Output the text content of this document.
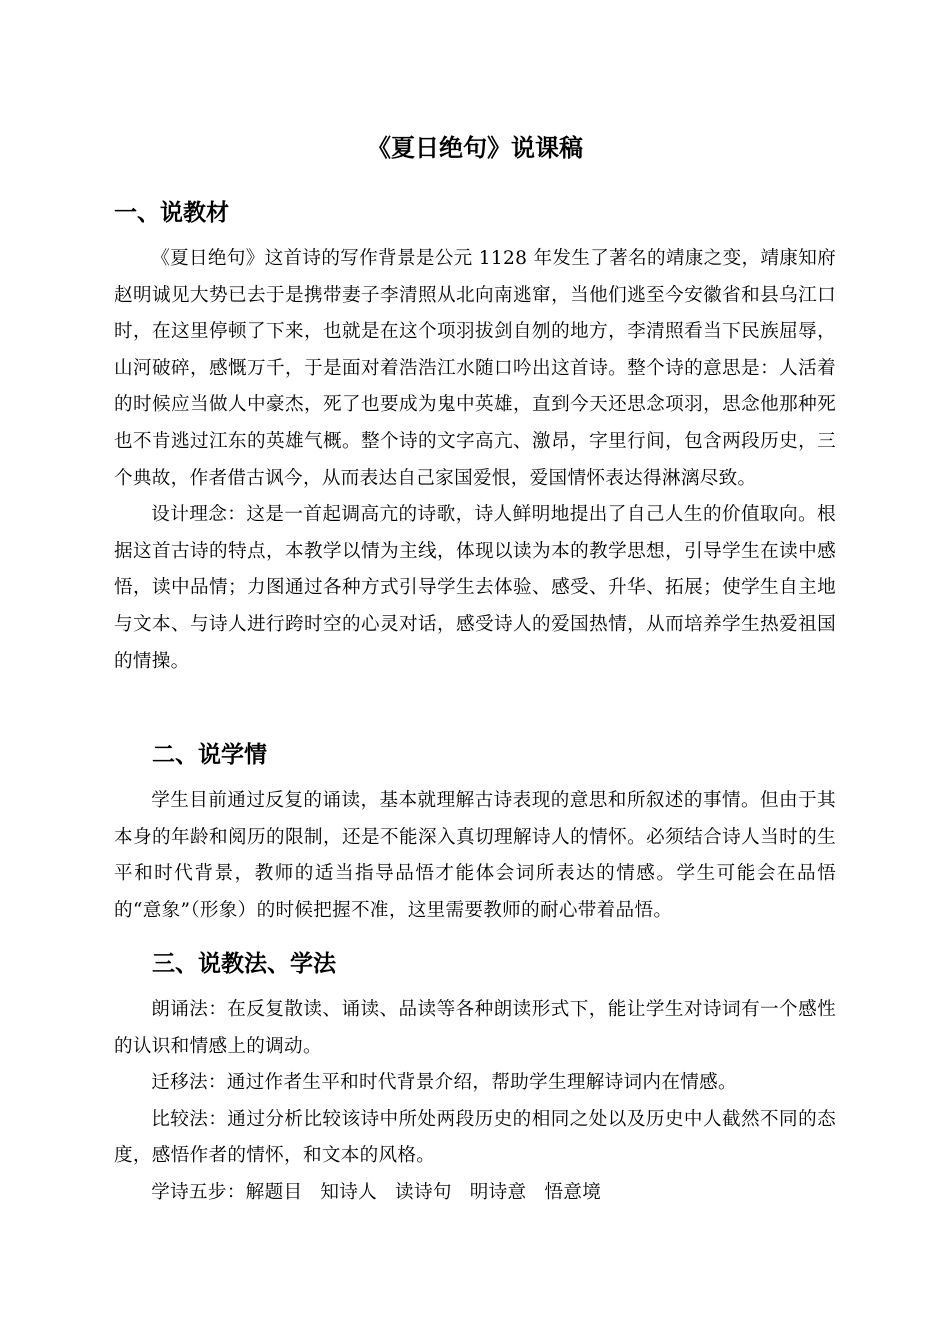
《夏日绝句》说课稿
一、说教材

《夏日绝句》这首诗的写作背景是公元 1128 年发生了著名的靖康之变，靖康知府赵明诚见大势已去于是携带妻子李清照从北向南逃窜，当他们逃至今安徽省和县乌江口时，在这里停顿了下来，也就是在这个项羽拔剑自刎的地方，李清照看当下民族屈辱，山河破碎，感慨万千，于是面对着浩浩江水随口吟出这首诗。整个诗的意思是：人活着的时候应当做人中豪杰，死了也要成为鬼中英雄，直到今天还思念项羽，思念他那种死也不肯逃过江东的英雄气概。整个诗的文字高亢、激昂，字里行间，包含两段历史，三个典故，作者借古讽今，从而表达自己家国爱恨，爱国情怀表达得淋漓尽致。

设计理念：这是一首起调高亢的诗歌，诗人鲜明地提出了自己人生的价值取向。根据这首古诗的特点，本教学以情为主线，体现以读为本的教学思想，引导学生在读中感悟，读中品情；力图通过各种方式引导学生去体验、感受、升华、拓展；使学生自主地与文本、与诗人进行跨时空的心灵对话，感受诗人的爱国热情，从而培养学生热爱祖国的情操。

二、说学情

学生目前通过反复的诵读，基本就理解古诗表现的意思和所叙述的事情。但由于其本身的年龄和阅历的限制，还是不能深入真切理解诗人的情怀。必须结合诗人当时的生平和时代背景，教师的适当指导品悟才能体会词所表达的情感。学生可能会在品悟的“意象”（形象）的时候把握不准，这里需要教师的耐心带着品悟。

三、说教法、学法

朗诵法：在反复散读、诵读、品读等各种朗读形式下，能让学生对诗词有一个感性的认识和情感上的调动。

迁移法：通过作者生平和时代背景介绍，帮助学生理解诗词内在情感。

比较法：通过分析比较该诗中所处两段历史的相同之处以及历史中人截然不同的态度，感悟作者的情怀，和文本的风格。

学诗五步：解题目 知诗人 读诗句 明诗意 悟意境
